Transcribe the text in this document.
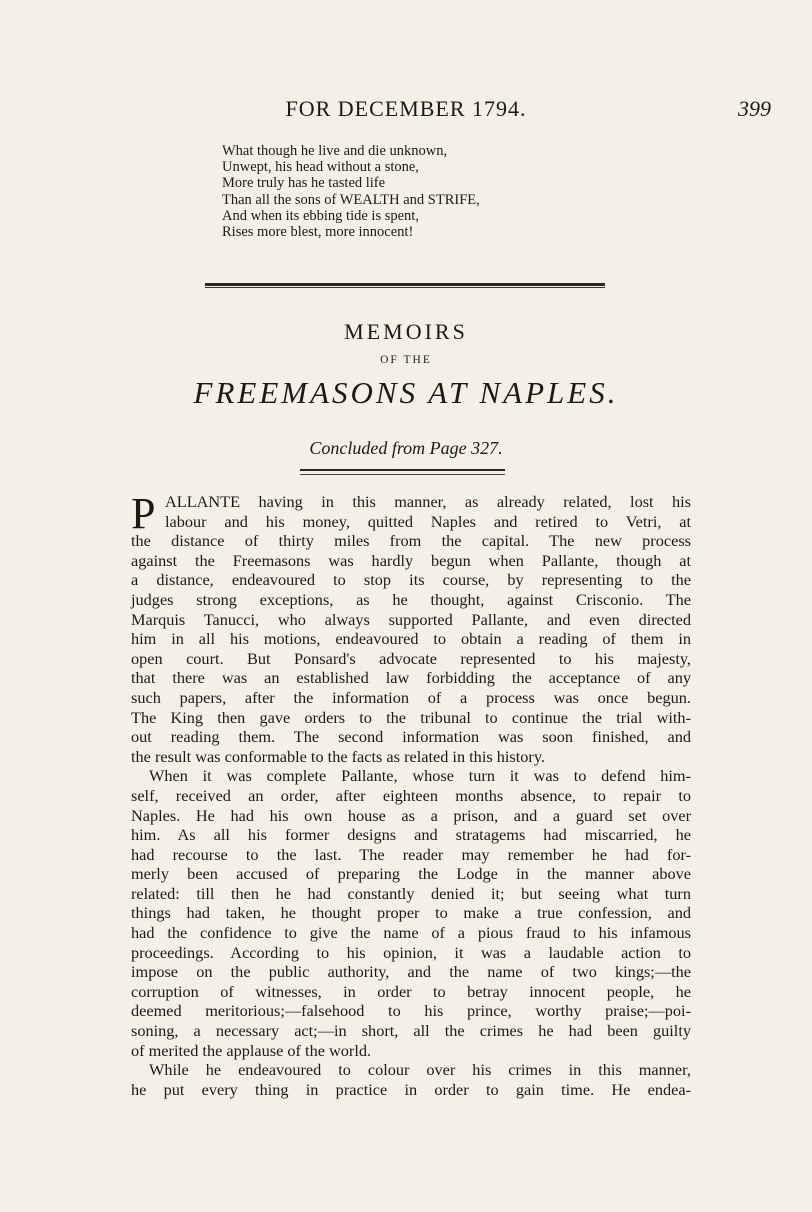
FOR DECEMBER 1794.	399
What though he live and die unknown,
Unwept, his head without a stone,
More truly has he tasted life
Than all the sons of WEALTH and STRIFE,
And when its ebbing tide is spent,
Rises more blest, more innocent!
MEMOIRS
OF THE
FREEMASONS AT NAPLES.
Concluded from Page 327.
P ALLANTE having in this manner, as already related, lost his
labour and his money, quitted Naples and retired to Vetri, at
the distance of thirty miles from the capital. The new process
against the Freemasons was hardly begun when Pallante, though at
a distance, endeavoured to stop its course, by representing to the
judges strong exceptions, as he thought, against Crisconio. The
Marquis Tanucci, who always supported Pallante, and even directed
him in all his motions, endeavoured to obtain a reading of them in
open court. But Ponsard's advocate represented to his majesty,
that there was an established law forbidding the acceptance of any
such papers, after the information of a process was once begun.
The King then gave orders to the tribunal to continue the trial with-
out reading them. The second information was soon finished, and
the result was conformable to the facts as related in this history.
When it was complete Pallante, whose turn it was to defend him-
self, received an order, after eighteen months absence, to repair to
Naples. He had his own house as a prison, and a guard set over
him. As all his former designs and stratagems had miscarried, he
had recourse to the last. The reader may remember he had for-
merly been accused of preparing the Lodge in the manner above
related: till then he had constantly denied it; but seeing what turn
things had taken, he thought proper to make a true confession, and
had the confidence to give the name of a pious fraud to his infamous
proceedings. According to his opinion, it was a laudable action to
impose on the public authority, and the name of two kings;—the
corruption of witnesses, in order to betray innocent people, he
deemed meritorious;—falsehood to his prince, worthy praise;—poi-
soning, a necessary act;—in short, all the crimes he had been guilty
of merited the applause of the world.
While he endeavoured to colour over his crimes in this manner,
he put every thing in practice in order to gain time. He endea-
